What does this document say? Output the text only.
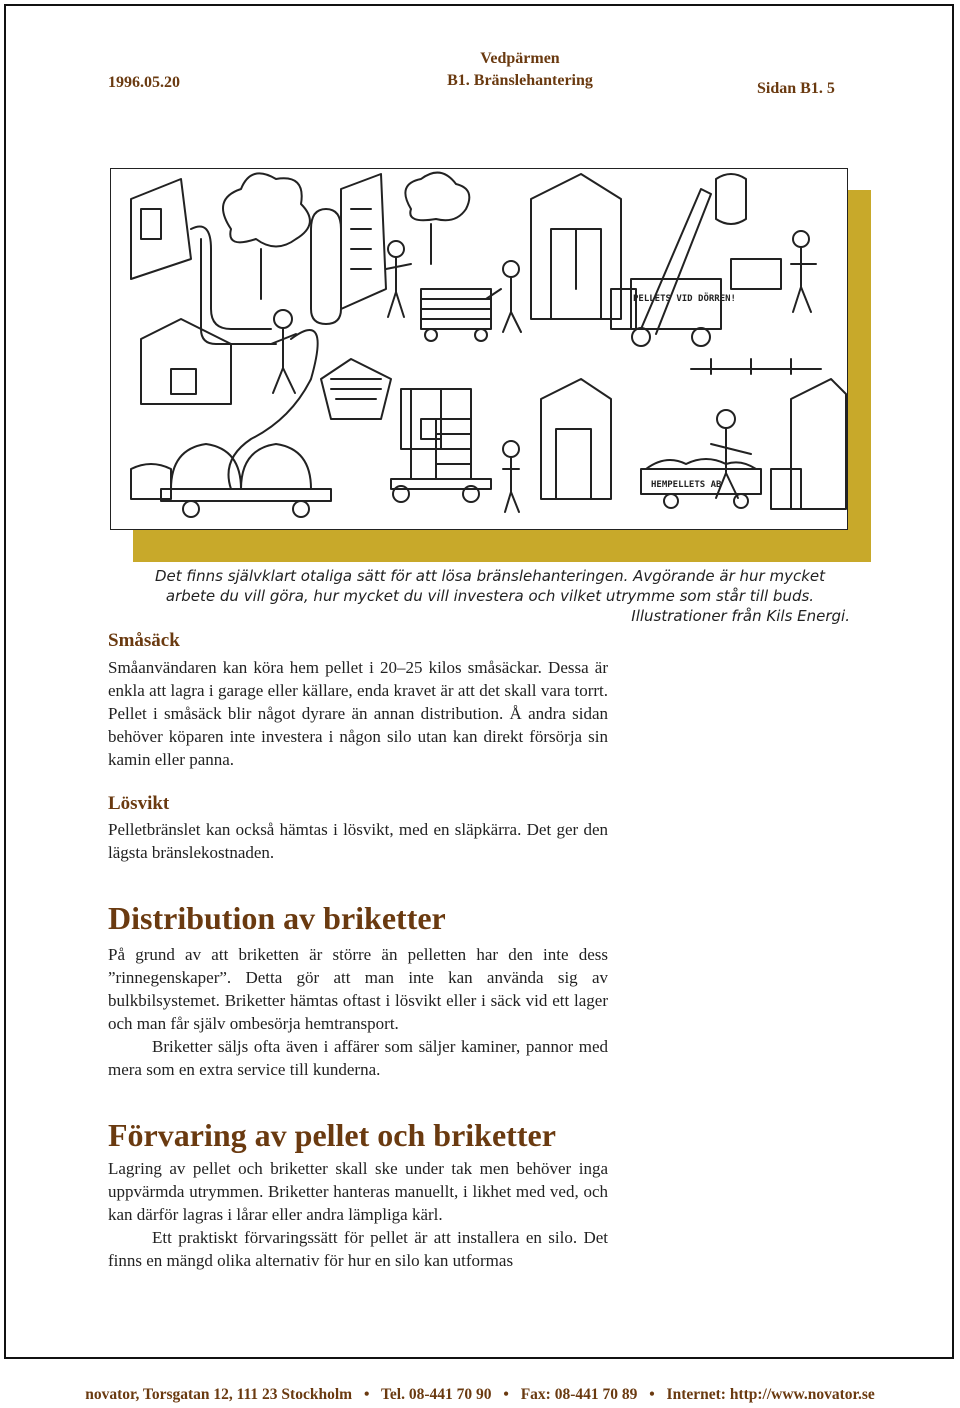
1996.05.20
Vedpärmen
B1. Bränslehantering	Sidan B1. 5
PELLETS VID DÖRREN!
HEMPELLETS AB
Det finns självklart otaliga sätt för att lösa bränslehanteringen. Avgörande är hur mycket
arbete du vill göra, hur mycket du vill investera och vilket utrymme som står till buds.
Illustrationer från Kils Energi.
Småsäck

Småanvändaren kan köra hem pellet i 20–25 kilos småsäckar. Dessa är enkla att lagra i garage eller källare, enda kravet är att det skall vara torrt. Pellet i småsäck blir något dyrare än annan distribution. Å andra sidan behöver köparen inte investera i någon silo utan kan direkt försörja sin kamin eller panna.

Lösvikt

Pelletbränslet kan också hämtas i lösvikt, med en släpkärra. Det ger den lägsta bränslekostnaden.

Distribution av briketter

På grund av att briketten är större än pelletten har den inte dess ”rinnegenskaper”. Detta gör att man inte kan använda sig av bulkbilsystemet. Briketter hämtas oftast i lösvikt eller i säck vid ett lager och man får själv ombesörja hemtransport.
Briketter säljs ofta även i affärer som säljer kaminer, pannor med mera som en extra service till kunderna.

Förvaring av pellet och briketter

Lagring av pellet och briketter skall ske under tak men behöver inga uppvärmda utrymmen. Briketter hanteras manuellt, i likhet med ved, och kan därför lagras i lårar eller andra lämpliga kärl.
Ett praktiskt förvaringssätt för pellet är att installera en silo. Det finns en mängd olika alternativ för hur en silo kan utformas

novator, Torsgatan 12, 111 23 Stockholm • Tel. 08-441 70 90 • Fax: 08-441 70 89 • Internet: http://www.novator.se
